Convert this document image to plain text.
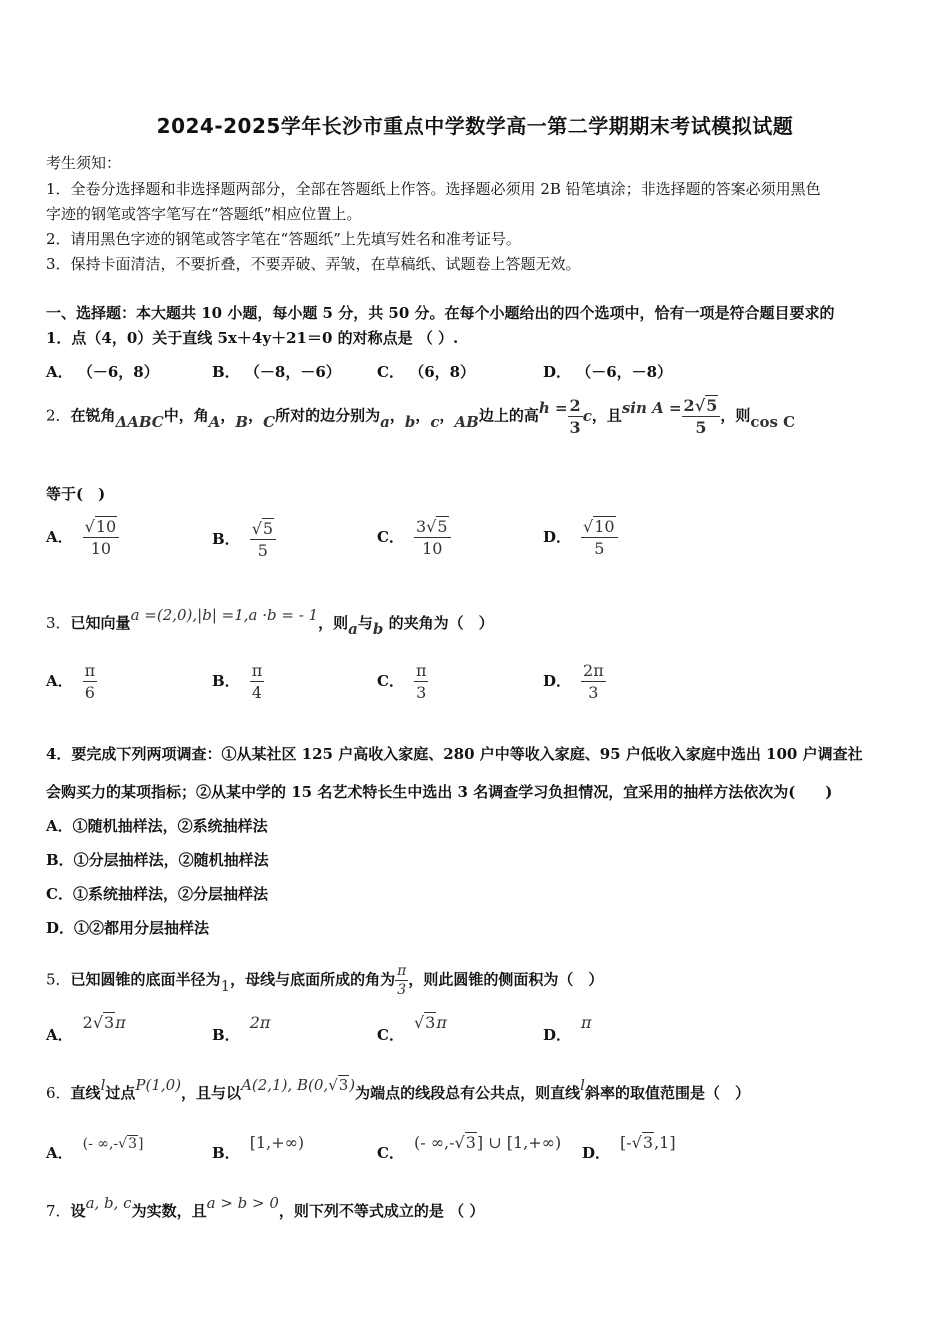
2024-2025学年长沙市重点中学数学高一第二学期期末考试模拟试题
考生须知：
1．全卷分选择题和非选择题两部分，全部在答题纸上作答。选择题必须用 2B 铅笔填涂；非选择题的答案必须用黑色
字迹的钢笔或答字笔写在“答题纸”相应位置上。
2．请用黑色字迹的钢笔或答字笔在“答题纸”上先填写姓名和准考证号。
3．保持卡面清洁，不要折叠，不要弄破、弄皱，在草稿纸、试题卷上答题无效。
一、选择题：本大题共 10 小题，每小题 5 分，共 50 分。在每个小题给出的四个选项中，恰有一项是符合题目要求的
1．点（4，0）关于直线 5x＋4y＋21＝0 的对称点是 （ ）.
A． （－6，8）	B． （－8，－6） C． （6，8）	D． （－6，－8）
2．在锐角ΔABC中，角A，B，C所对的边分别为a，b，c，AB边上的高$h = \frac{2}{3}$ c，且$\sin A = \frac{2√5}{5}$ ，则cos C
等于(　)
A． $\frac{√10}{10}$	B． $\frac{√5}{5}$	C． $\frac{3√5}{10}$	D． $\frac{√10}{5}$
3．已知向量a =(2,0),|b| =1,a ·b = - 1，则a与b 的夹角为（　）
A． $\frac{\pi}{6}$	B． $\frac{\pi}{4}$	C． $\frac{\pi}{3}$	D． $\frac{2\pi}{3}$
4．要完成下列两项调查：①从某社区 125 户高收入家庭、280 户中等收入家庭、95 户低收入家庭中选出 100 户调查社
会购买力的某项指标；②从某中学的 15 名艺术特长生中选出 3 名调查学习负担情况，宜采用的抽样方法依次为(　　)
A．①随机抽样法，②系统抽样法
B．①分层抽样法，②随机抽样法
C．①系统抽样法，②分层抽样法
D．①②都用分层抽样法
5．已知圆锥的底面半径为1，母线与底面所成的角为 $\frac{\pi}{3}$ ，则此圆锥的侧面积为（　）
A．2√3π
B．2π
C．√3π
D．π
6．直线l过点P(1,0)，且与以A(2,1), B(0,√3)为端点的线段总有公共点，则直线l斜率的取值范围是（　）
A． (- ∞,-√3]	B．[1,+∞)
C．(- ∞,-√3] ∪ [1,+∞)
D．[-√3,1]
7．设a, b, c为实数，且a > b > 0，则下列不等式成立的是 （ ）
